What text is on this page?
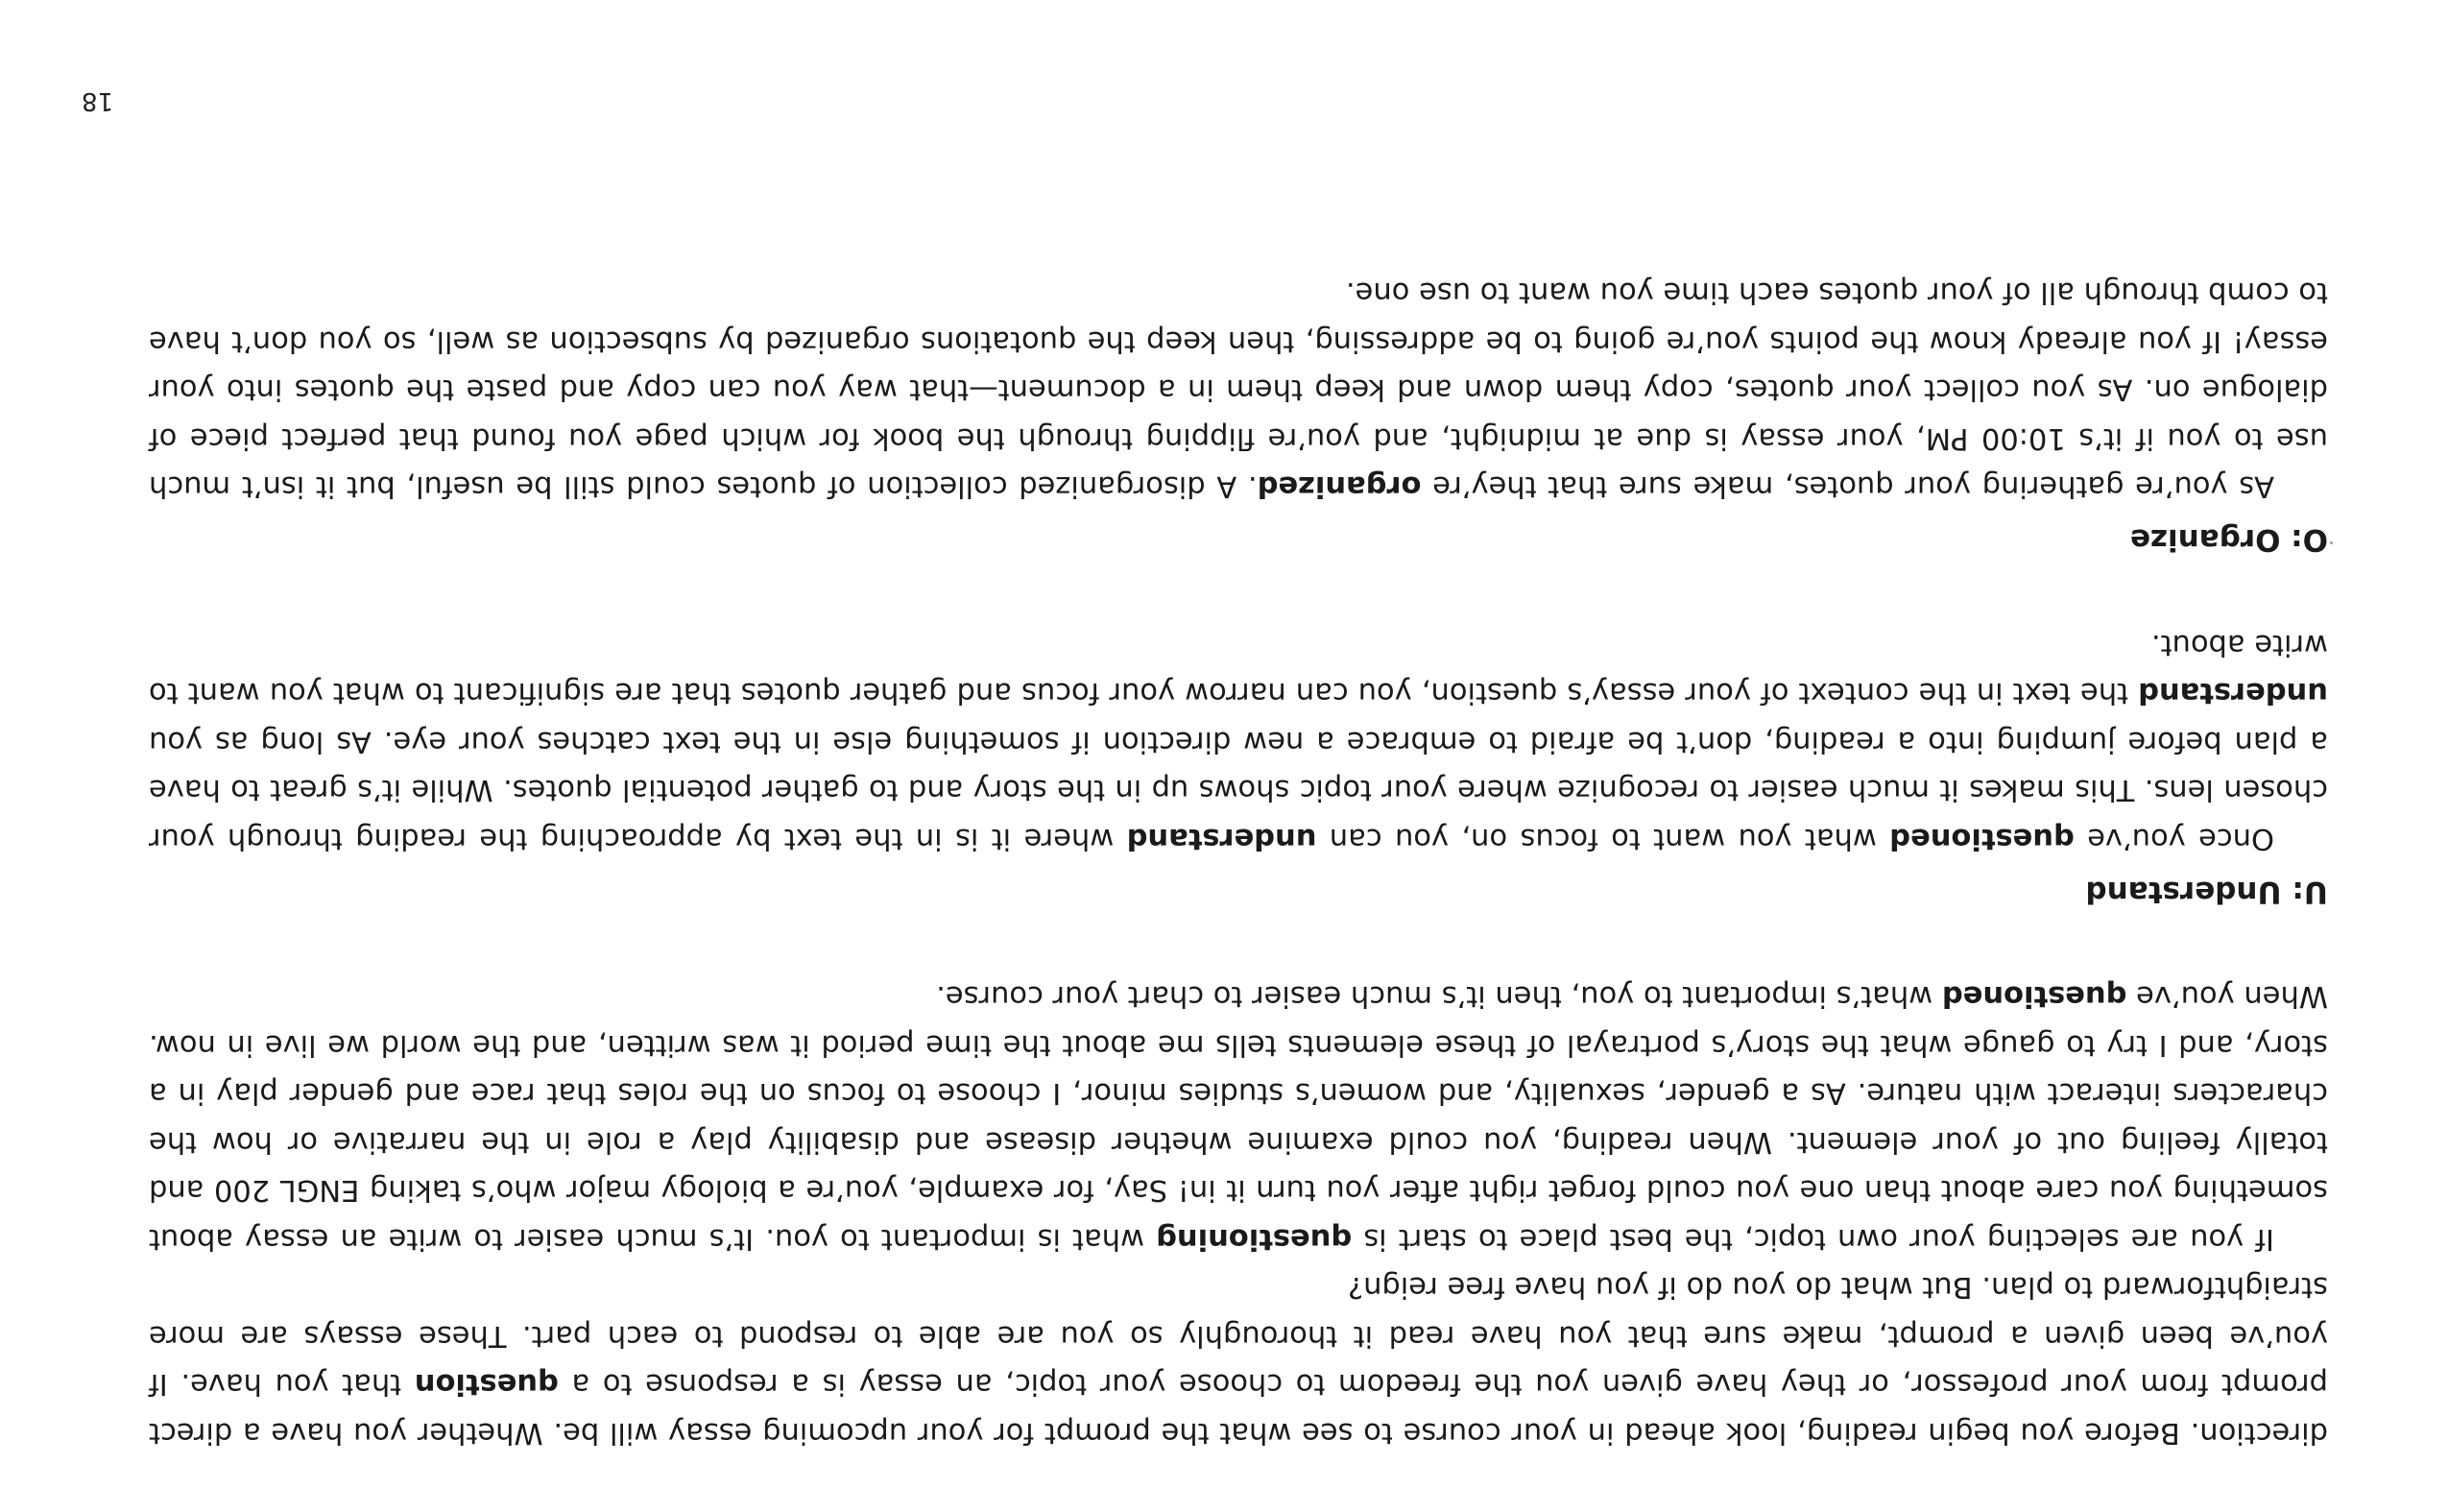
direction. Before you begin reading, look ahead in your course to see what the prompt for your upcoming essay will be. Whether you have a direct prompt from your professor, or they have given you the freedom to choose your topic, an essay is a response to a question that you have. If you’ve been given a prompt, make sure that you have read it thoroughly so you are able to respond to each part. These essays are more straightforward to plan. But what do you do if you have free reign?

If you are selecting your own topic, the best place to start is questioning what is important to you. It’s much easier to write an essay about something you care about than one you could forget right after you turn it in! Say, for example, you’re a biology major who’s taking ENGL 200 and totally feeling out of your element. When reading, you could examine whether disease and disability play a role in the narrative or how the characters interact with nature. As a gender, sexuality, and women’s studies minor, I choose to focus on the roles that race and gender play in a story, and I try to gauge what the story’s portrayal of these elements tells me about the time period it was written, and the world we live in now. When you’ve questioned what’s important to you, then it’s much easier to chart your course.

U: Understand

Once you’ve questioned what you want to focus on, you can understand where it is in the text by approaching the reading through your chosen lens. This makes it much easier to recognize where your topic shows up in the story and to gather potential quotes. While it’s great to have a plan before jumping into a reading, don’t be afraid to embrace a new direction if something else in the text catches your eye. As long as you understand the text in the context of your essay’s question, you can narrow your focus and gather quotes that are significant to what you want to write about.

O: Organize

As you’re gathering your quotes, make sure that they’re organized. A disorganized collection of quotes could still be useful, but it isn’t much use to you if it’s 10:00 PM, your essay is due at midnight, and you’re flipping through the book for which page you found that perfect piece of dialogue on. As you collect your quotes, copy them down and keep them in a document—that way you can copy and paste the quotes into your essay! If you already know the points you’re going to be addressing, then keep the quotations organized by subsection as well, so you don’t have to comb through all of your quotes each time you want to use one.

18
